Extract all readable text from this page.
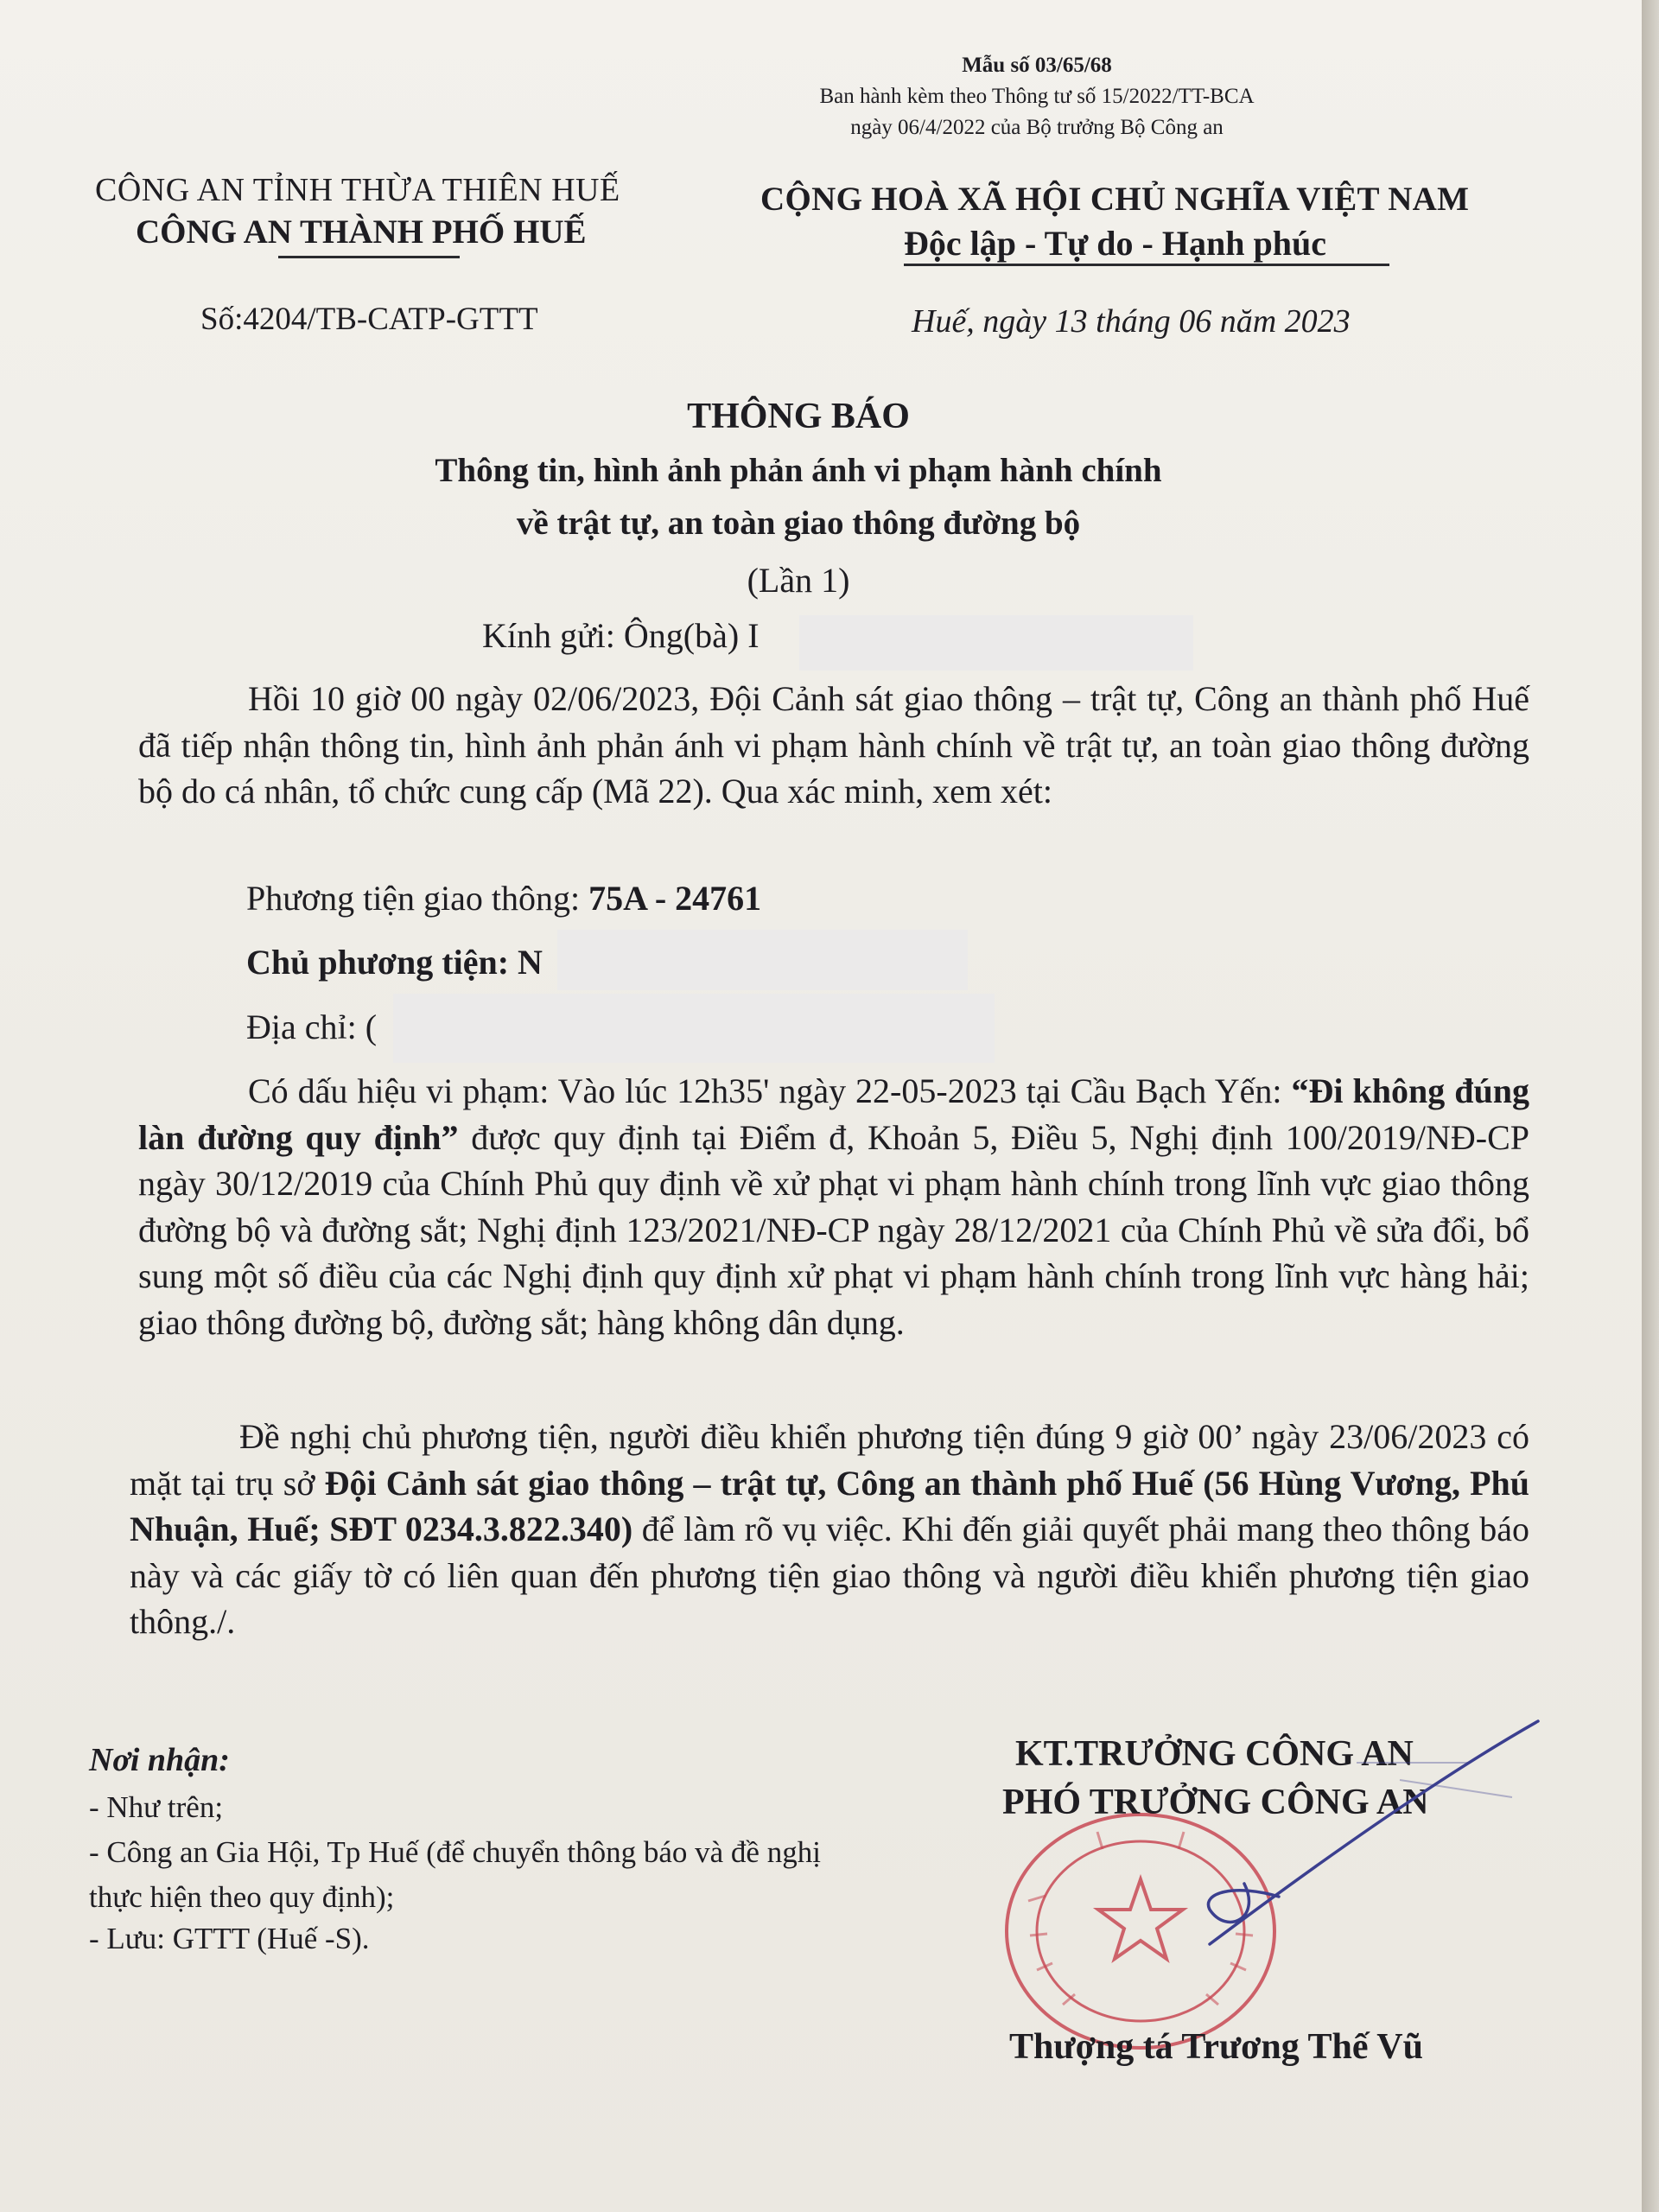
Mẫu số 03/65/68
Ban hành kèm theo Thông tư số 15/2022/TT-BCA
ngày 06/4/2022 của Bộ trưởng Bộ Công an
CÔNG AN TỈNH THỪA THIÊN HUẾ
CÔNG AN THÀNH PHỐ HUẾ
Số:4204/TB-CATP-GTTT
CỘNG HOÀ XÃ HỘI CHỦ NGHĨA VIỆT NAM
Độc lập - Tự do - Hạnh phúc
Huế, ngày 13 tháng 06 năm 2023
THÔNG BÁO
Thông tin, hình ảnh phản ánh vi phạm hành chính
về trật tự, an toàn giao thông đường bộ
(Lần 1)
Kính gửi: Ông(bà) I
Hồi 10 giờ 00 ngày 02/06/2023, Đội Cảnh sát giao thông – trật tự, Công an thành phố Huế đã tiếp nhận thông tin, hình ảnh phản ánh vi phạm hành chính về trật tự, an toàn giao thông đường bộ do cá nhân, tổ chức cung cấp (Mã 22). Qua xác minh, xem xét:
Phương tiện giao thông: 75A - 24761
Chủ phương tiện: N
Địa chỉ: (
Có dấu hiệu vi phạm: Vào lúc 12h35' ngày 22-05-2023 tại Cầu Bạch Yến: “Đi không đúng làn đường quy định” được quy định tại Điểm đ, Khoản 5, Điều 5, Nghị định 100/2019/NĐ-CP ngày 30/12/2019 của Chính Phủ quy định về xử phạt vi phạm hành chính trong lĩnh vực giao thông đường bộ và đường sắt; Nghị định 123/2021/NĐ-CP ngày 28/12/2021 của Chính Phủ về sửa đổi, bổ sung một số điều của các Nghị định quy định xử phạt vi phạm hành chính trong lĩnh vực hàng hải; giao thông đường bộ, đường sắt; hàng không dân dụng.
Đề nghị chủ phương tiện, người điều khiển phương tiện đúng 9 giờ 00’ ngày 23/06/2023 có mặt tại trụ sở Đội Cảnh sát giao thông – trật tự, Công an thành phố Huế (56 Hùng Vương, Phú Nhuận, Huế; SĐT 0234.3.822.340) để làm rõ vụ việc. Khi đến giải quyết phải mang theo thông báo này và các giấy tờ có liên quan đến phương tiện giao thông và người điều khiển phương tiện giao thông./.
Nơi nhận:
- Như trên;
- Công an Gia Hội, Tp Huế (để chuyển thông báo và đề nghị thực hiện theo quy định);
- Lưu: GTTT (Huế -S).
KT.TRƯỞNG CÔNG AN
PHÓ TRƯỞNG CÔNG AN
Thượng tá Trương Thế Vũ
